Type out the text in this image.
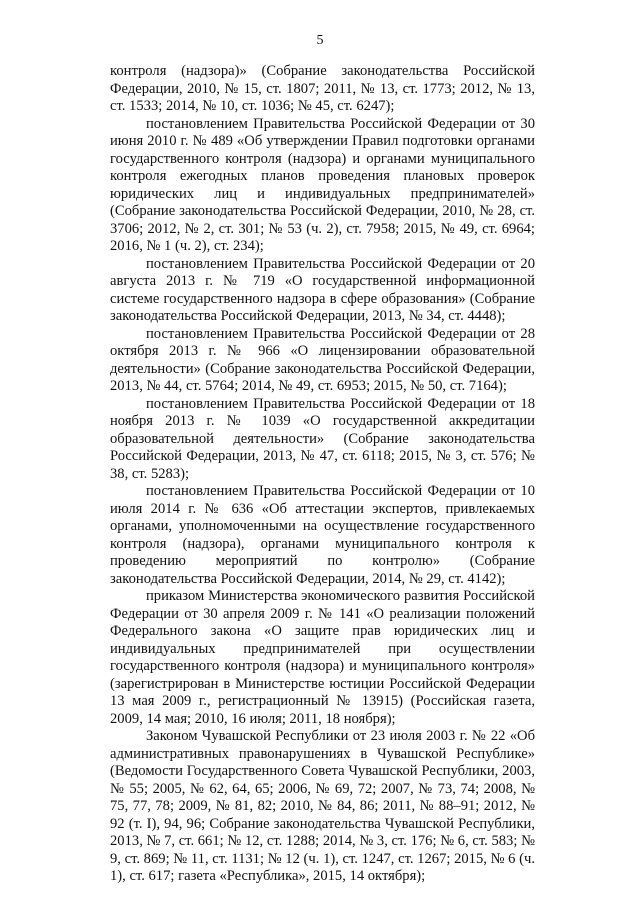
5

контроля (надзора)» (Собрание законодательства Российской Федерации, 2010, № 15, ст. 1807; 2011, № 13, ст. 1773; 2012, № 13, ст. 1533; 2014, № 10, ст. 1036; № 45, ст. 6247);

постановлением Правительства Российской Федерации от 30 июня 2010 г. № 489 «Об утверждении Правил подготовки органами государственного контроля (надзора) и органами муниципального контроля ежегодных планов проведения плановых проверок юридических лиц и индивидуальных предпринимателей» (Собрание законодательства Российской Федерации, 2010, № 28, ст. 3706; 2012, № 2, ст. 301; № 53 (ч. 2), ст. 7958; 2015, № 49, ст. 6964; 2016, № 1 (ч. 2), ст. 234);

постановлением Правительства Российской Федерации от 20 августа 2013 г. № 719 «О государственной информационной системе государственного надзора в сфере образования» (Собрание законодательства Российской Федерации, 2013, № 34, ст. 4448);

постановлением Правительства Российской Федерации от 28 октября 2013 г. № 966 «О лицензировании образовательной деятельности» (Собрание законодательства Российской Федерации, 2013, № 44, ст. 5764; 2014, № 49, ст. 6953; 2015, № 50, ст. 7164);

постановлением Правительства Российской Федерации от 18 ноября 2013 г. № 1039 «О государственной аккредитации образовательной деятельности» (Собрание законодательства Российской Федерации, 2013, № 47, ст. 6118; 2015, № 3, ст. 576; № 38, ст. 5283);

постановлением Правительства Российской Федерации от 10 июля 2014 г. № 636 «Об аттестации экспертов, привлекаемых органами, уполномоченными на осуществление государственного контроля (надзора), органами муниципального контроля к проведению мероприятий по контролю» (Собрание законодательства Российской Федерации, 2014, № 29, ст. 4142);

приказом Министерства экономического развития Российской Федерации от 30 апреля 2009 г. № 141 «О реализации положений Федерального закона «О защите прав юридических лиц и индивидуальных предпринимателей при осуществлении государственного контроля (надзора) и муниципального контроля» (зарегистрирован в Министерстве юстиции Российской Федерации 13 мая 2009 г., регистрационный № 13915) (Российская газета, 2009, 14 мая; 2010, 16 июля; 2011, 18 ноября);

Законом Чувашской Республики от 23 июля 2003 г. № 22 «Об административных правонарушениях в Чувашской Республике» (Ведомости Государственного Совета Чувашской Республики, 2003, № 55; 2005, № 62, 64, 65; 2006, № 69, 72; 2007, № 73, 74; 2008, № 75, 77, 78; 2009, № 81, 82; 2010, № 84, 86; 2011, № 88–91; 2012, № 92 (т. I), 94, 96; Собрание законодательства Чувашской Республики, 2013, № 7, ст. 661; № 12, ст. 1288; 2014, № 3, ст. 176; № 6, ст. 583; № 9, ст. 869; № 11, ст. 1131; № 12 (ч. 1), ст. 1247, ст. 1267; 2015, № 6 (ч. 1), ст. 617; газета «Республика», 2015, 14 октября);
